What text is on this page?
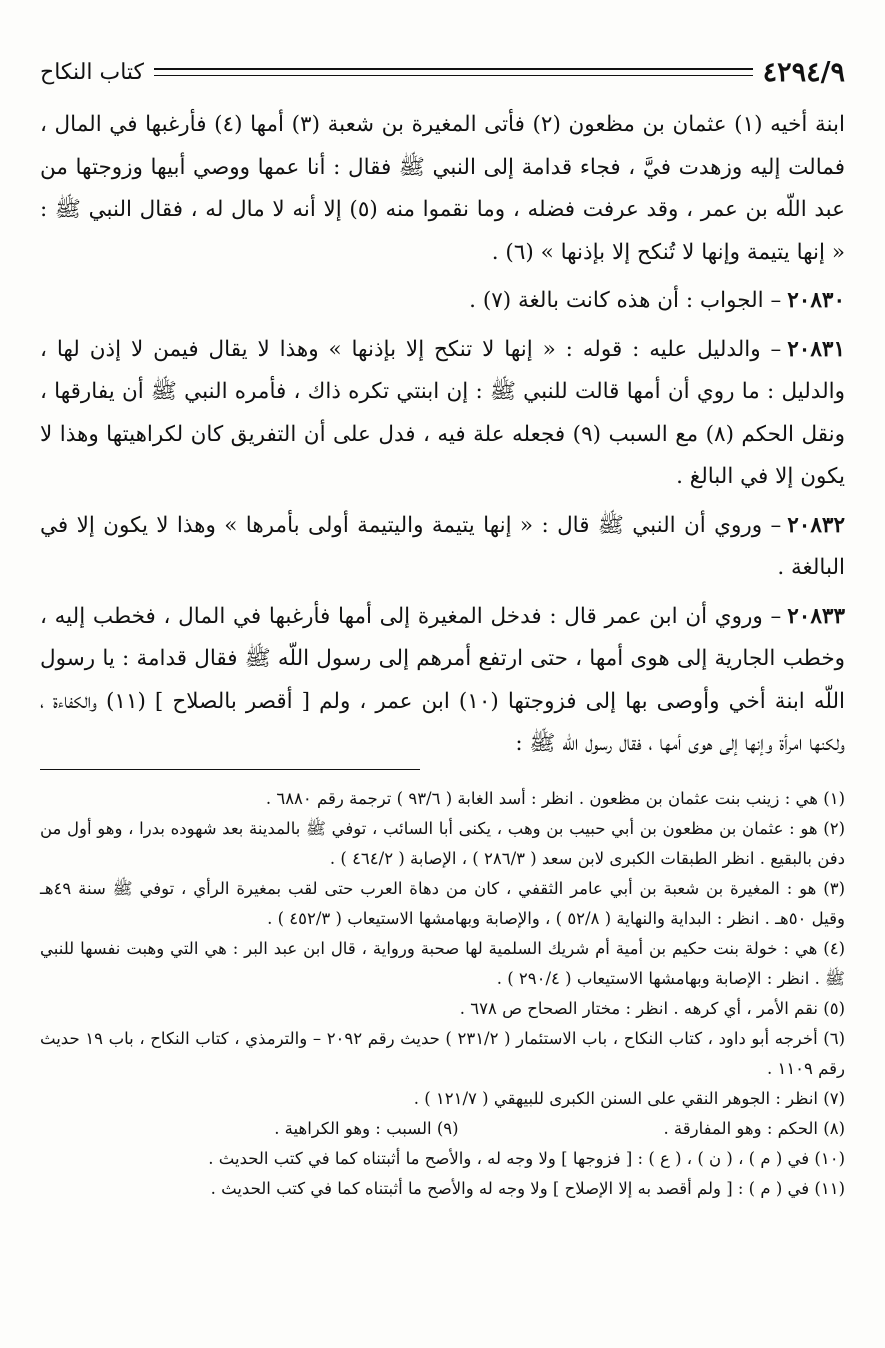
٤٢٩٤/٩
كتاب النكاح

ابنة أخيه (١) عثمان بن مظعون (٢) فأتى المغيرة بن شعبة (٣) أمها (٤) فأرغبها في المال ، فمالت إليه وزهدت فيَّ ، فجاء قدامة إلى النبي ﷺ فقال : أنا عمها ووصي أبيها وزوجتها من عبد اللّه بن عمر ، وقد عرفت فضله ، وما نقموا منه (٥) إلا أنه لا مال له ، فقال النبي ﷺ : « إنها يتيمة وإنها لا تُنكح إلا بإذنها » (٦) .

٢٠٨٣٠– الجواب : أن هذه كانت بالغة (٧) .

٢٠٨٣١– والدليل عليه : قوله : « إنها لا تنكح إلا بإذنها » وهذا لا يقال فيمن لا إذن لها ، والدليل : ما روي أن أمها قالت للنبي ﷺ : إن ابنتي تكره ذاك ، فأمره النبي ﷺ أن يفارقها ، ونقل الحكم (٨) مع السبب (٩) فجعله علة فيه ، فدل على أن التفريق كان لكراهيتها وهذا لا يكون إلا في البالغ .

٢٠٨٣٢– وروي أن النبي ﷺ قال : « إنها يتيمة واليتيمة أولى بأمرها » وهذا لا يكون إلا في البالغة .

٢٠٨٣٣– وروي أن ابن عمر قال : فدخل المغيرة إلى أمها فأرغبها في المال ، فخطب إليه ، وخطب الجارية إلى هوى أمها ، حتى ارتفع أمرهم إلى رسول اللّه ﷺ فقال قدامة : يا رسول اللّه ابنة أخي وأوصى بها إلى فزوجتها (١٠) ابن عمر ، ولم [ أقصر بالصلاح ] (١١) والكفاءة ، ولكنها امرأة وإنها إلى هوى أمها ، فقال رسول اللّه ﷺ :

(١) هي : زينب بنت عثمان بن مظعون . انظر : أسد الغابة ( ٩٣/٦ ) ترجمة رقم ٦٨٨٠ .

(٢) هو : عثمان بن مظعون بن أبي حبيب بن وهب ، يكنى أبا السائب ، توفي ﷺ بالمدينة بعد شهوده بدرا ، وهو أول من دفن بالبقيع . انظر الطبقات الكبرى لابن سعد ( ٢٨٦/٣ ) ، الإصابة ( ٤٦٤/٢ ) .

(٣) هو : المغيرة بن شعبة بن أبي عامر الثقفي ، كان من دهاة العرب حتى لقب بمغيرة الرأي ، توفي ﷺ سنة ٤٩هـ وقيل ٥٠هـ . انظر : البداية والنهاية ( ٥٢/٨ ) ، والإصابة وبهامشها الاستيعاب ( ٤٥٢/٣ ) .

(٤) هي : خولة بنت حكيم بن أمية أم شريك السلمية لها صحبة ورواية ، قال ابن عبد البر : هي التي وهبت نفسها للنبي ﷺ . انظر : الإصابة وبهامشها الاستيعاب ( ٢٩٠/٤ ) .

(٥) نقم الأمر ، أي كرهه . انظر : مختار الصحاح ص ٦٧٨ .

(٦) أخرجه أبو داود ، كتاب النكاح ، باب الاستئمار ( ٢٣١/٢ ) حديث رقم ٢٠٩٢ – والترمذي ، كتاب النكاح ، باب ١٩ حديث رقم ١١٠٩ .

(٧) انظر : الجوهر النقي على السنن الكبرى للبيهقي ( ١٢١/٧ ) .

(٨) الحكم : وهو المفارقة .
(٩) السبب : وهو الكراهية .

(١٠) في ( م ) ، ( ن ) ، ( ع ) : [ فزوجها ] ولا وجه له ، والأصح ما أثبتناه كما في كتب الحديث .

(١١) في ( م ) : [ ولم أقصد به إلا الإصلاح ] ولا وجه له والأصح ما أثبتناه كما في كتب الحديث .
